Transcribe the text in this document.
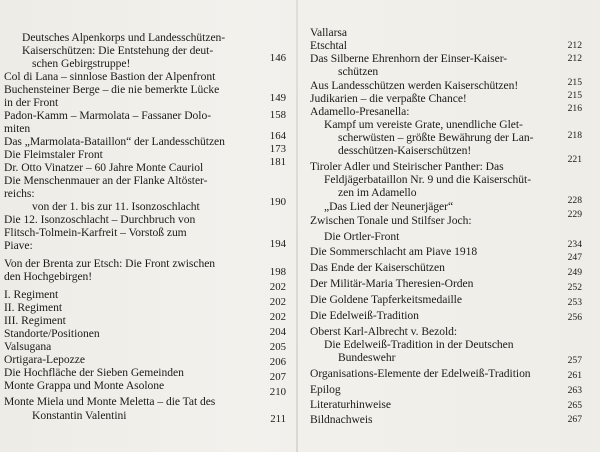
Deutsches Alpenkorps und Landesschützen-
Kaiserschützen: Die Entstehung der deut-
schen Gebirgstruppe!
Col di Lana – sinnlose Bastion der Alpenfront
Buchensteiner Berge – die nie bemerkte Lücke
in der Front
Padon-Kamm – Marmolata – Fassaner Dolo-
miten
Das „Marmolata-Bataillon“ der Landesschützen
Die Fleimstaler Front
Dr. Otto Vinatzer – 60 Jahre Monte Cauriol
Die Menschenmauer an der Flanke Altöster-
reichs:
von der 1. bis zur 11. Isonzoschlacht
Die 12. Isonzoschlacht – Durchbruch von
Flitsch-Tolmein-Karfreit – Vorstoß zum
Piave:
Von der Brenta zur Etsch: Die Front zwischen
den Hochgebirgen!
I. Regiment
II. Regiment
III. Regiment
Standorte/Positionen
Valsugana
Ortigara-Lepozze
Die Hochfläche der Sieben Gemeinden
Monte Grappa und Monte Asolone
Monte Miela und Monte Meletta – die Tat des
Konstantin Valentini
146
149
158
164
173
181
190
194
198
202
202
202
204
205
206
207
210
211
Vallarsa
Etschtal
Das Silberne Ehrenhorn der Einser-Kaiser-
schützen
Aus Landesschützen werden Kaiserschützen!
Judikarien – die verpaßte Chance!
Adamello-Presanella:
Kampf um vereiste Grate, unendliche Glet-
scherwüsten – größte Bewährung der Lan-
desschützen-Kaiserschützen!
Tiroler Adler und Steirischer Panther: Das
Feldjägerbataillon Nr. 9 und die Kaiserschüt-
zen im Adamello
„Das Lied der Neunerjäger“
Zwischen Tonale und Stilfser Joch:
Die Ortler-Front
Die Sommerschlacht am Piave 1918
Das Ende der Kaiserschützen
Der Militär-Maria Theresien-Orden
Die Goldene Tapferkeitsmedaille
Die Edelweiß-Tradition
Oberst Karl-Albrecht v. Bezold:
Die Edelweiß-Tradition in der Deutschen
Bundeswehr
Organisations-Elemente der Edelweiß-Tradition
Epilog
Literaturhinweise
Bildnachweis
212
212
215
215
216
218
221
228
229
234
247
249
252
253
256
257
261
263
265
267
